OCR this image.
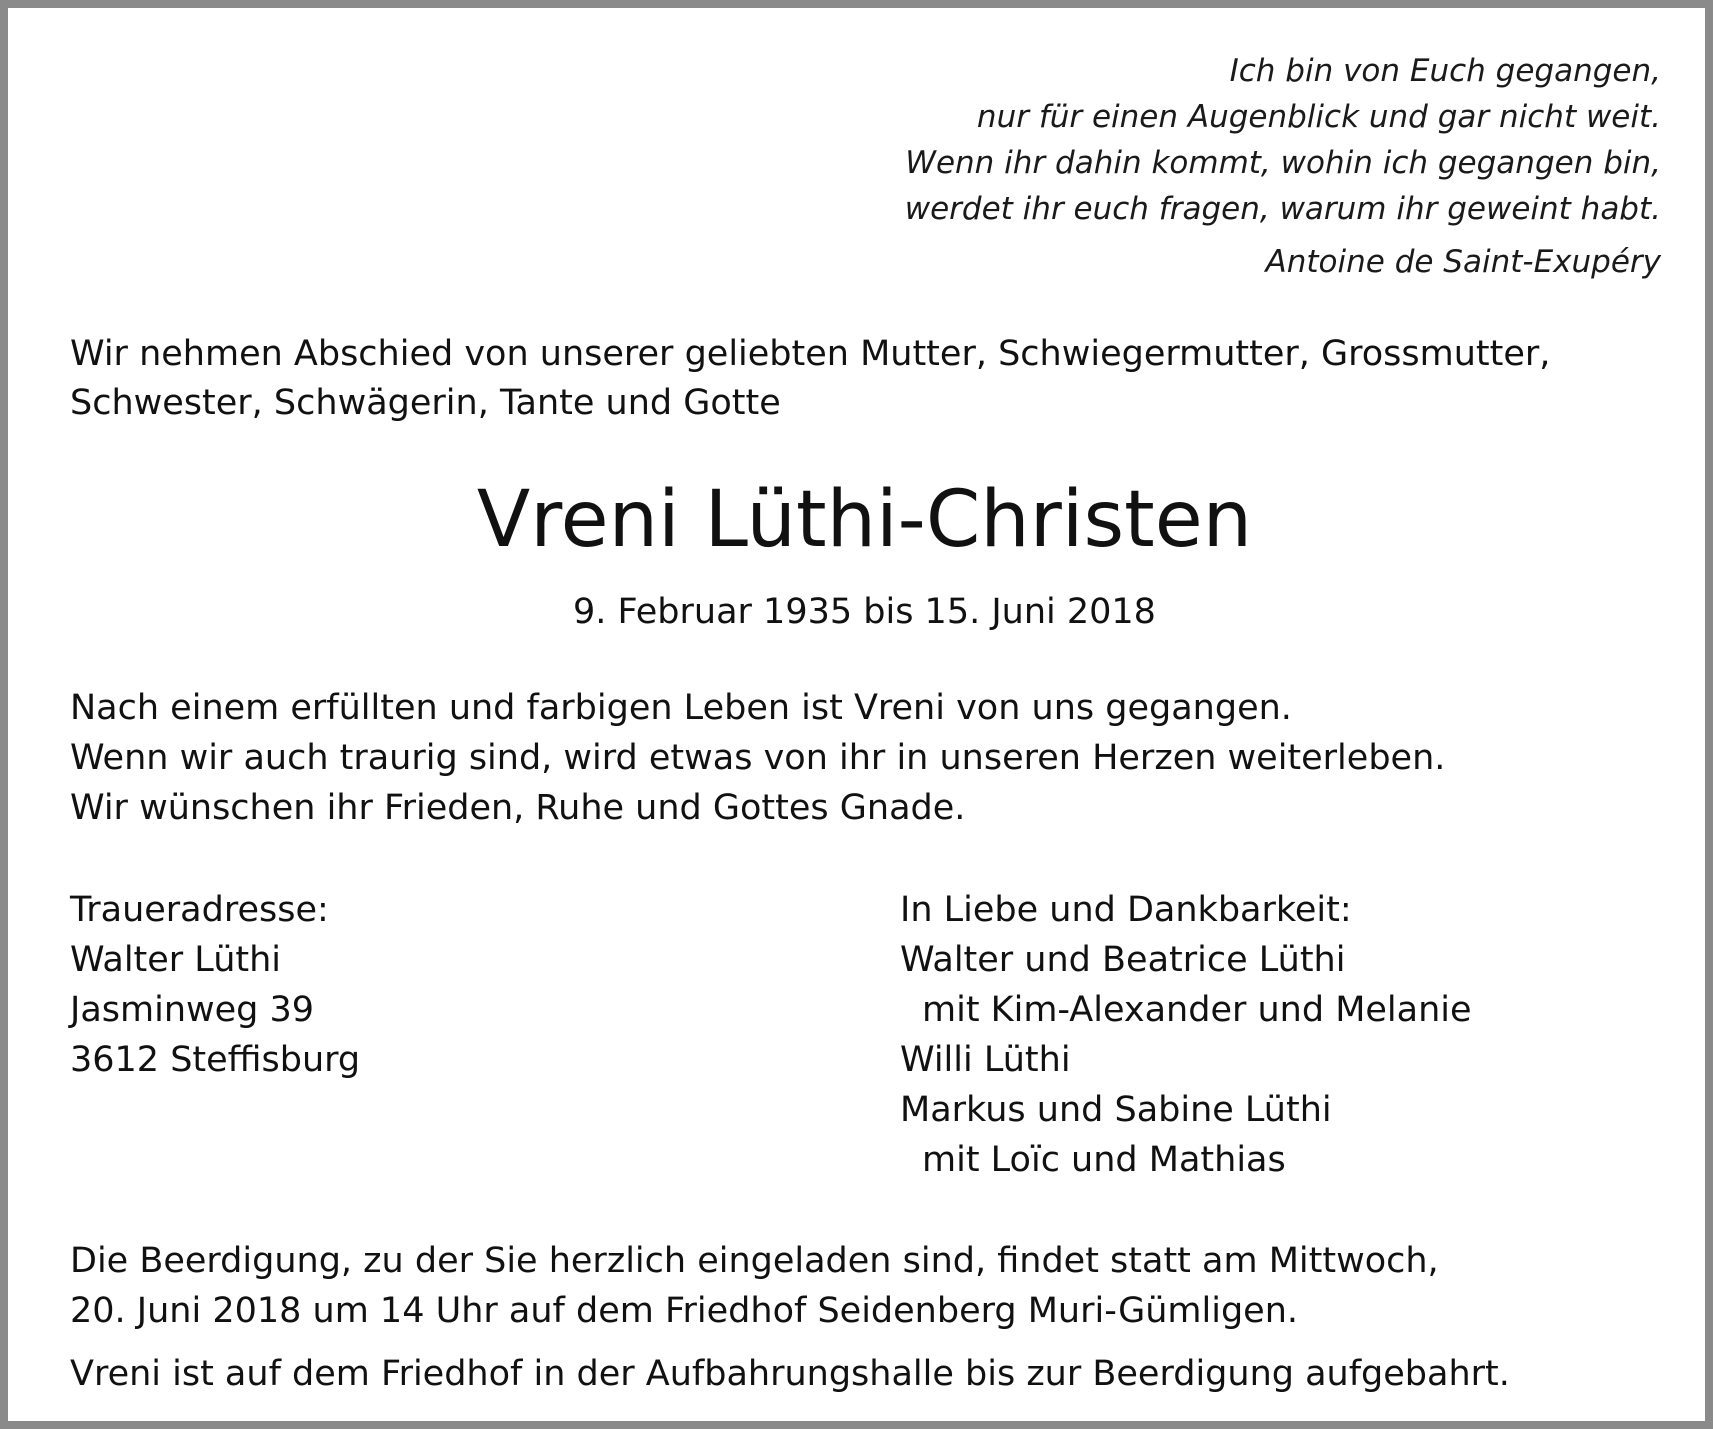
Ich bin von Euch gegangen,
nur für einen Augenblick und gar nicht weit.
Wenn ihr dahin kommt, wohin ich gegangen bin,
werdet ihr euch fragen, warum ihr geweint habt.
Antoine de Saint-Exupéry
Wir nehmen Abschied von unserer geliebten Mutter, Schwiegermutter, Grossmutter,
Schwester, Schwägerin, Tante und Gotte
Vreni Lüthi-Christen
9. Februar 1935 bis 15. Juni 2018
Nach einem erfüllten und farbigen Leben ist Vreni von uns gegangen.
Wenn wir auch traurig sind, wird etwas von ihr in unseren Herzen weiterleben.
Wir wünschen ihr Frieden, Ruhe und Gottes Gnade.
Traueradresse:
Walter Lüthi
Jasminweg 39
3612 Steffisburg
In Liebe und Dankbarkeit:
Walter und Beatrice Lüthi
mit Kim-Alexander und Melanie
Willi Lüthi
Markus und Sabine Lüthi
mit Loïc und Mathias
Die Beerdigung, zu der Sie herzlich eingeladen sind, findet statt am Mittwoch,
20. Juni 2018 um 14 Uhr auf dem Friedhof Seidenberg Muri-Gümligen.
Vreni ist auf dem Friedhof in der Aufbahrungshalle bis zur Beerdigung aufgebahrt.
